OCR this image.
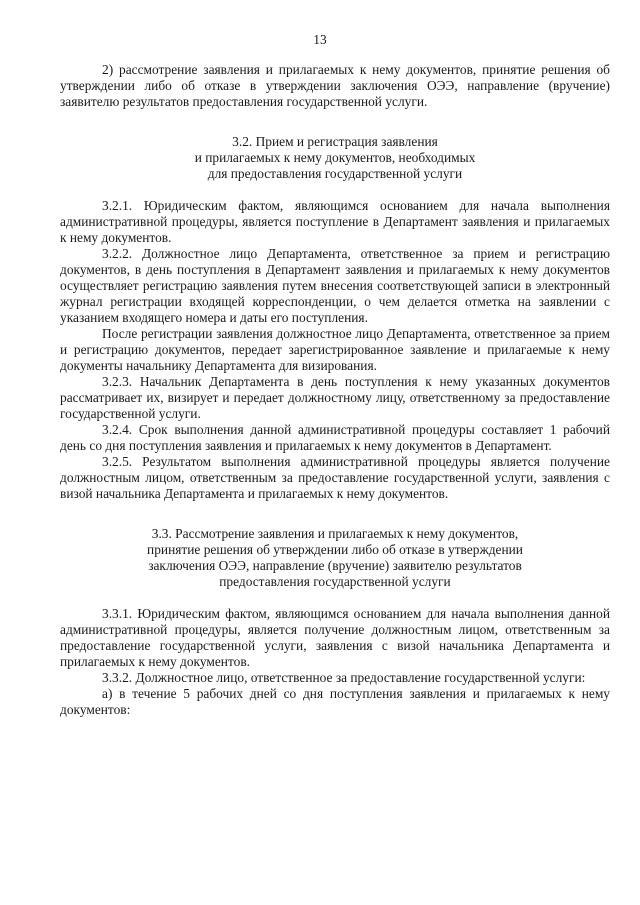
13

2) рассмотрение заявления и прилагаемых к нему документов, принятие решения об утверждении либо об отказе в утверждении заключения ОЭЭ, направление (вручение) заявителю результатов предоставления государственной услуги.

3.2. Прием и регистрация заявления
и прилагаемых к нему документов, необходимых
для предоставления государственной услуги

3.2.1. Юридическим фактом, являющимся основанием для начала выполнения административной процедуры, является поступление в Департамент заявления и прилагаемых к нему документов.

3.2.2. Должностное лицо Департамента, ответственное за прием и регистрацию документов, в день поступления в Департамент заявления и прилагаемых к нему документов осуществляет регистрацию заявления путем внесения соответствующей записи в электронный журнал регистрации входящей корреспонденции, о чем делается отметка на заявлении с указанием входящего номера и даты его поступления.

После регистрации заявления должностное лицо Департамента, ответственное за прием и регистрацию документов, передает зарегистрированное заявление и прилагаемые к нему документы начальнику Департамента для визирования.

3.2.3. Начальник Департамента в день поступления к нему указанных документов рассматривает их, визирует и передает должностному лицу, ответственному за предоставление государственной услуги.

3.2.4. Срок выполнения данной административной процедуры составляет 1 рабочий день со дня поступления заявления и прилагаемых к нему документов в Департамент.

3.2.5. Результатом выполнения административной процедуры является получение должностным лицом, ответственным за предоставление государственной услуги, заявления с визой начальника Департамента и прилагаемых к нему документов.

3.3. Рассмотрение заявления и прилагаемых к нему документов,
принятие решения об утверждении либо об отказе в утверждении
заключения ОЭЭ, направление (вручение) заявителю результатов
предоставления государственной услуги

3.3.1. Юридическим фактом, являющимся основанием для начала выполнения данной административной процедуры, является получение должностным лицом, ответственным за предоставление государственной услуги, заявления с визой начальника Департамента и прилагаемых к нему документов.

3.3.2. Должностное лицо, ответственное за предоставление государственной услуги:

а) в течение 5 рабочих дней со дня поступления заявления и прилагаемых к нему документов:
